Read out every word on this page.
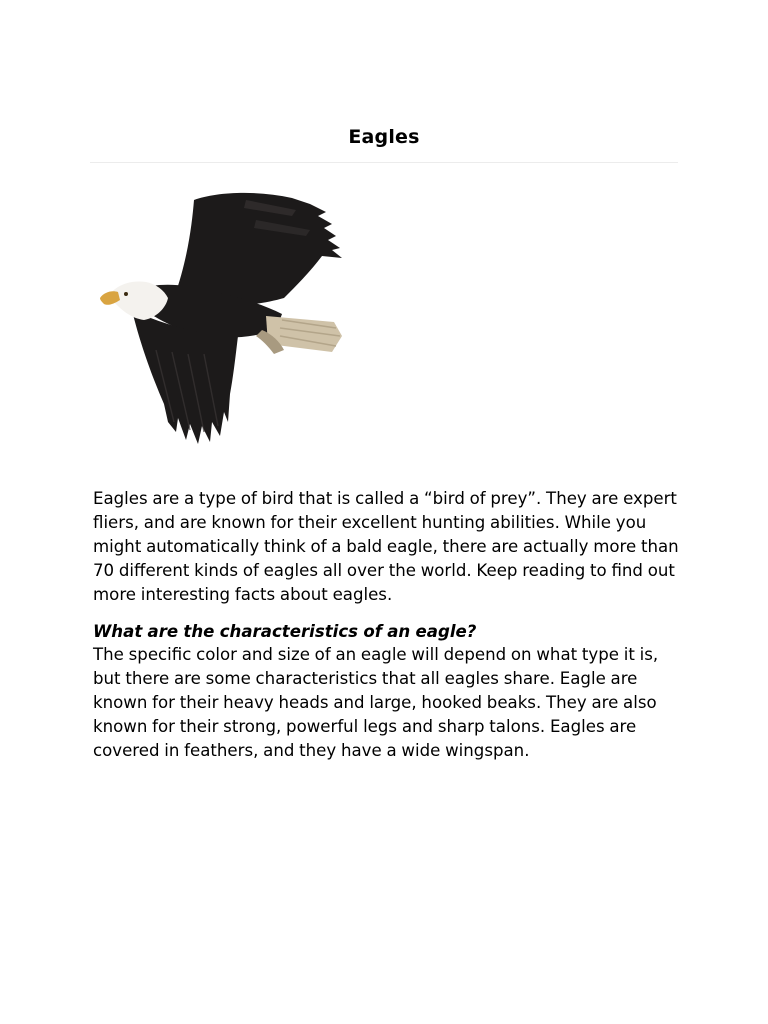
Eagles

Eagles are a type of bird that is called a “bird of prey”. They are expert fliers, and are known for their excellent hunting abilities. While you might automatically think of a bald eagle, there are actually more than 70 different kinds of eagles all over the world. Keep reading to find out more interesting facts about eagles.

What are the characteristics of an eagle?

The specific color and size of an eagle will depend on what type it is, but there are some characteristics that all eagles share. Eagle are known for their heavy heads and large, hooked beaks. They are also known for their strong, powerful legs and sharp talons. Eagles are covered in feathers, and they have a wide wingspan.
